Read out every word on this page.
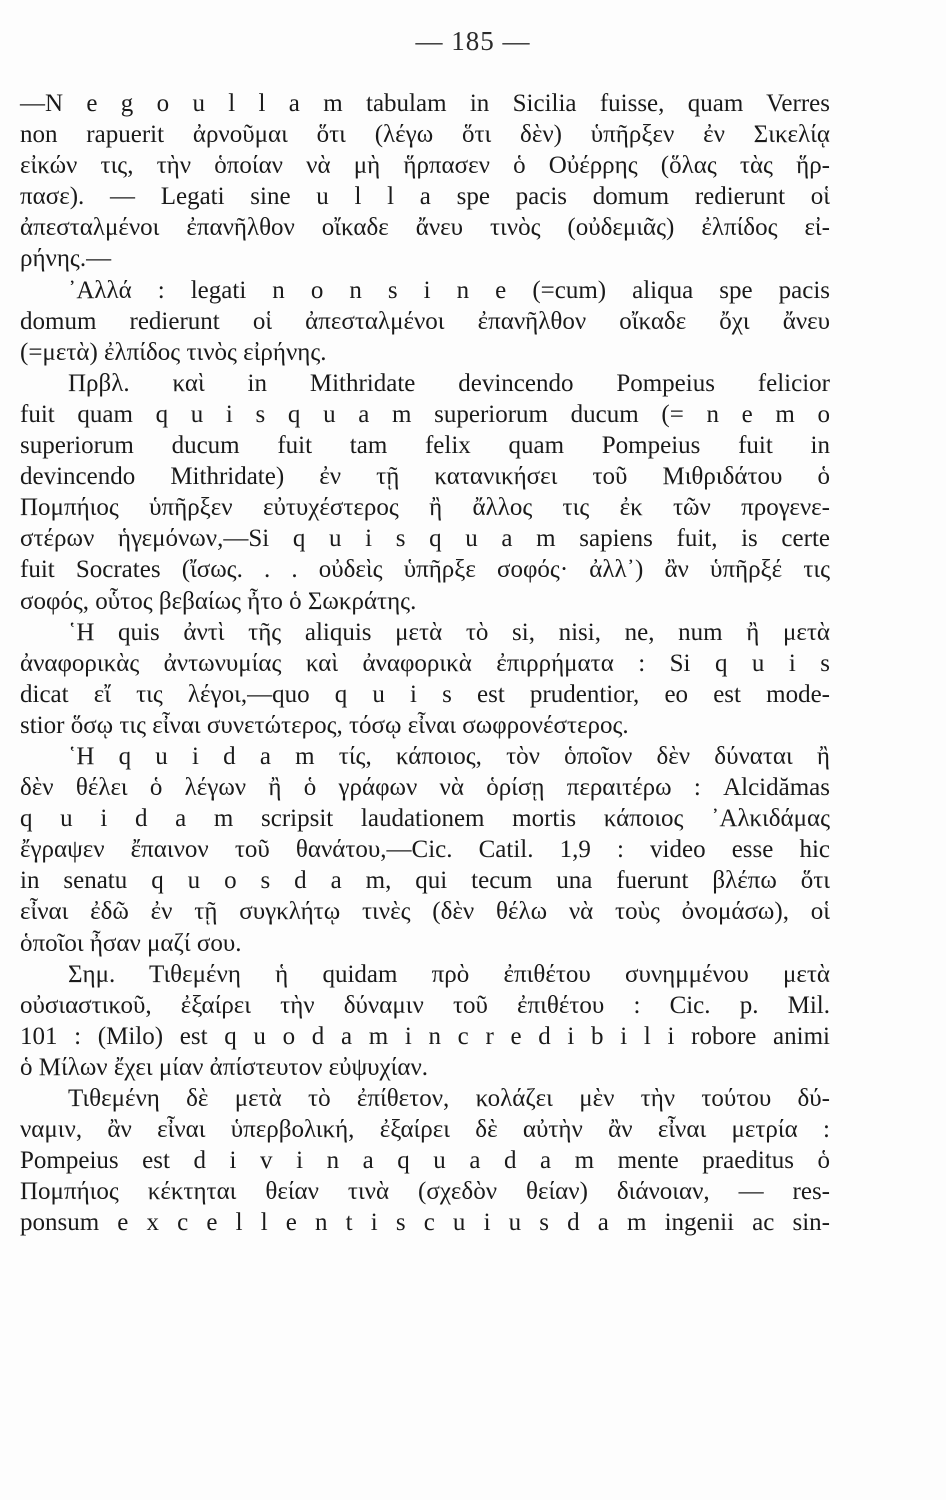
— 185 —
—N e g o u l l a m tabulam in Sicilia fuisse, quam Verres
non rapuerit ἀρνοῦμαι ὅτι (λέγω ὅτι δὲν) ὑπῆρξεν ἐν Σικελίᾳ
εἰκών τις, τὴν ὁποίαν νὰ μὴ ἥρπασεν ὁ Οὐέρρης (ὅλας τὰς ἥρ-
πασε). — Legati sine u l l a spe pacis domum redierunt οἱ
ἀπεσταλμένοι ἐπανῆλθον οἴκαδε ἄνευ τινὸς (οὐδεμιᾶς) ἐλπίδος εἰ-
ρήνης.—
᾿Αλλά : legati n o n s i n e (=cum) aliqua spe pacis
domum redierunt οἱ ἀπεσταλμένοι ἐπανῆλθον οἴκαδε ὄχι ἄνευ
(=μετὰ) ἐλπίδος τινὸς εἰρήνης.
Πρβλ. καὶ in Mithridate devincendo Pompeius felicior
fuit quam q u i s q u a m superiorum ducum (= n e m o
superiorum ducum fuit tam felix quam Pompeius fuit in
devincendo Mithridate) ἐν τῇ κατανικήσει τοῦ Μιθριδάτου ὁ
Πομπήιος ὑπῆρξεν εὐτυχέστερος ἢ ἄλλος τις ἐκ τῶν προγενε-
στέρων ἡγεμόνων,—Si q u i s q u a m sapiens fuit, is certe
fuit Socrates (ἴσως. . . οὐδεὶς ὑπῆρξε σοφός· ἀλλ᾿) ἂν ὑπῆρξέ τις
σοφός, οὗτος βεβαίως ἦτο ὁ Σωκράτης.
῾Η quis ἀντὶ τῆς aliquis μετὰ τὸ si, nisi, ne, num ἢ μετὰ
ἀναφορικὰς ἀντωνυμίας καὶ ἀναφορικὰ ἐπιρρήματα : Si q u i s
dicat εἴ τις λέγοι,—quo q u i s est prudentior, eo est mode-
stior ὅσῳ τις εἶναι συνετώτερος, τόσῳ εἶναι σωφρονέστερος.
῾Η q u i d a m τίς, κάποιος, τὸν ὁποῖον δὲν δύναται ἢ
δὲν θέλει ὁ λέγων ἢ ὁ γράφων νὰ ὁρίσῃ περαιτέρω : Alcidămas
q u i d a m scripsit laudationem mortis κάποιος ᾿Αλκιδάμας
ἔγραψεν ἔπαινον τοῦ θανάτου,—Cic. Catil. 1,9 : video esse hic
in senatu q u o s d a m, qui tecum una fuerunt βλέπω ὅτι
εἶναι ἐδῶ ἐν τῇ συγκλήτῳ τινὲς (δὲν θέλω νὰ τοὺς ὀνομάσω), οἱ
ὁποῖοι ἦσαν μαζί σου.
Σημ. Τιθεμένη ἡ quidam πρὸ ἐπιθέτου συνημμένου μετὰ
οὐσιαστικοῦ, ἐξαίρει τὴν δύναμιν τοῦ ἐπιθέτου : Cic. p. Mil.
101 : (Milo) est q u o d a m i n c r e d i b i l i robore animi
ὁ Μίλων ἔχει μίαν ἀπίστευτον εὐψυχίαν.
Τιθεμένη δὲ μετὰ τὸ ἐπίθετον, κολάζει μὲν τὴν τούτου δύ-
ναμιν, ἂν εἶναι ὑπερβολική, ἐξαίρει δὲ αὐτὴν ἂν εἶναι μετρία :
Pompeius est d i v i n a q u a d a m mente praeditus ὁ
Πομπήιος κέκτηται θείαν τινὰ (σχεδὸν θείαν) διάνοιαν, — res-
ponsum e x c e l l e n t i s c u i u s d a m ingenii ac sin-
